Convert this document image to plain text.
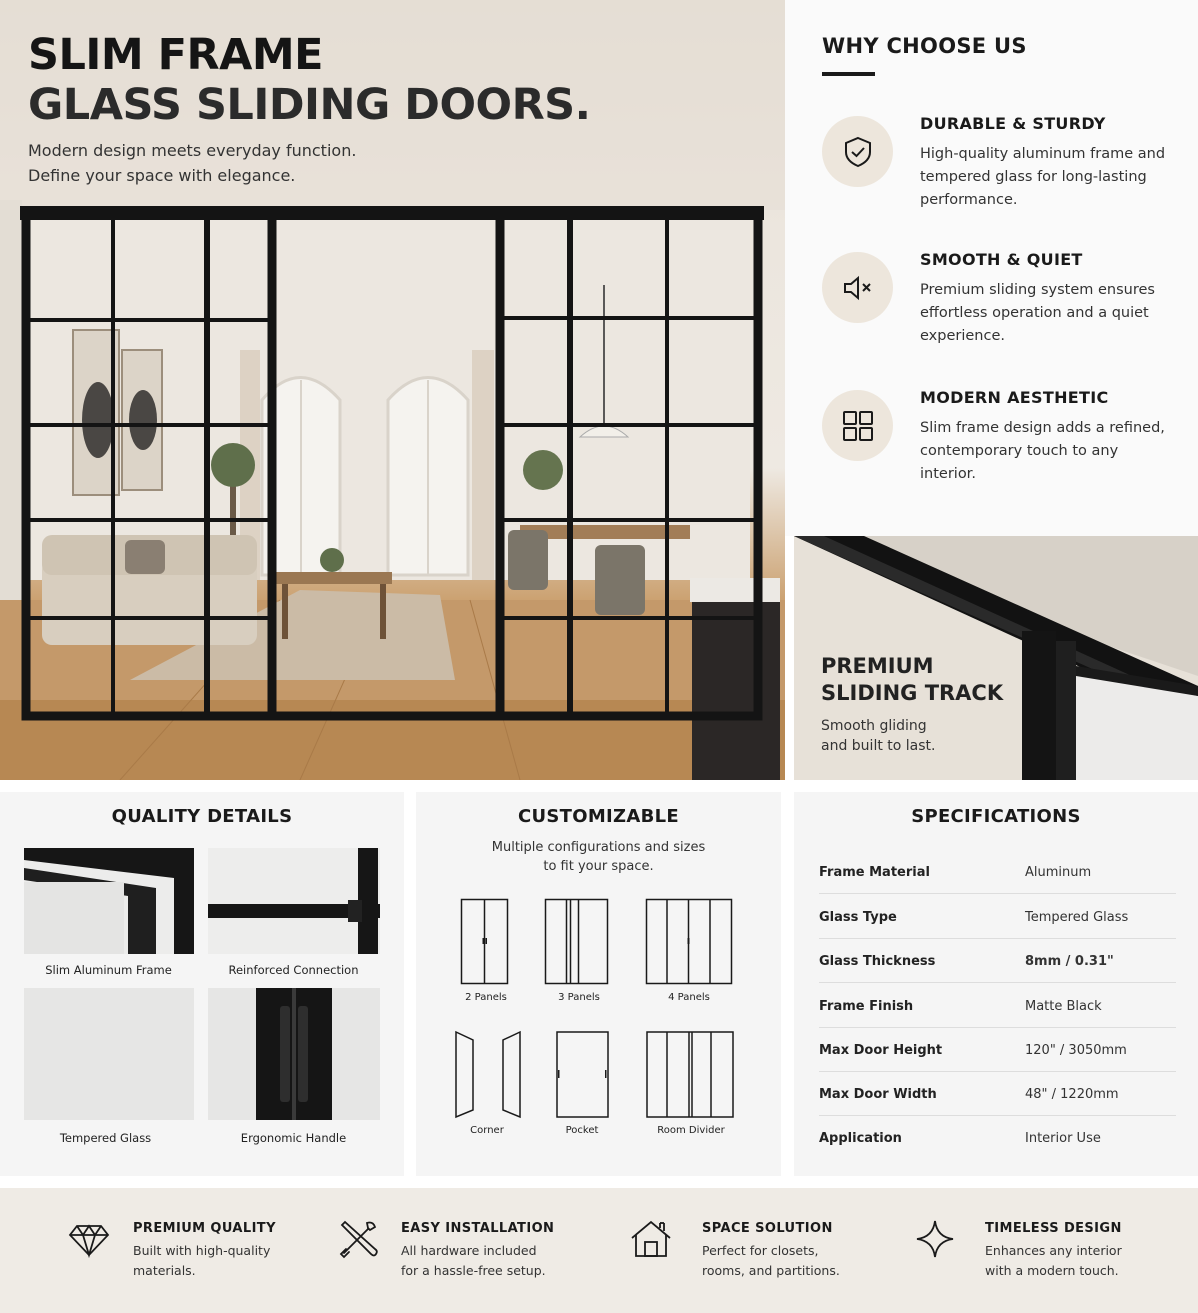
SLIM FRAME
GLASS SLIDING DOORS.
Modern design meets everyday function.
Define your space with elegance.
WHY CHOOSE US
DURABLE & STURDY
High-quality aluminum frame and tempered glass for long-lasting performance.
SMOOTH & QUIET
Premium sliding system ensures effortless operation and a quiet experience.
MODERN AESTHETIC
Slim frame design adds a refined, contemporary touch to any interior.
PREMIUM
SLIDING TRACK
Smooth gliding
and built to last.
QUALITY DETAILS
Slim Aluminum Frame	Reinforced Connection
Tempered Glass	Ergonomic Handle
CUSTOMIZABLE
Multiple configurations and sizes
to fit your space.
2 Panels	3 Panels	4 Panels
Corner	Pocket	Room Divider
SPECIFICATIONS
Frame Material	Aluminum
Glass Type	Tempered Glass
Glass Thickness	8mm / 0.31"
Frame Finish	Matte Black
Max Door Height	120" / 3050mm
Max Door Width	48" / 1220mm
Application	Interior Use
PREMIUM QUALITY
Built with high-quality
materials.
EASY INSTALLATION
All hardware included
for a hassle-free setup.
SPACE SOLUTION
Perfect for closets,
rooms, and partitions.
TIMELESS DESIGN
Enhances any interior
with a modern touch.
